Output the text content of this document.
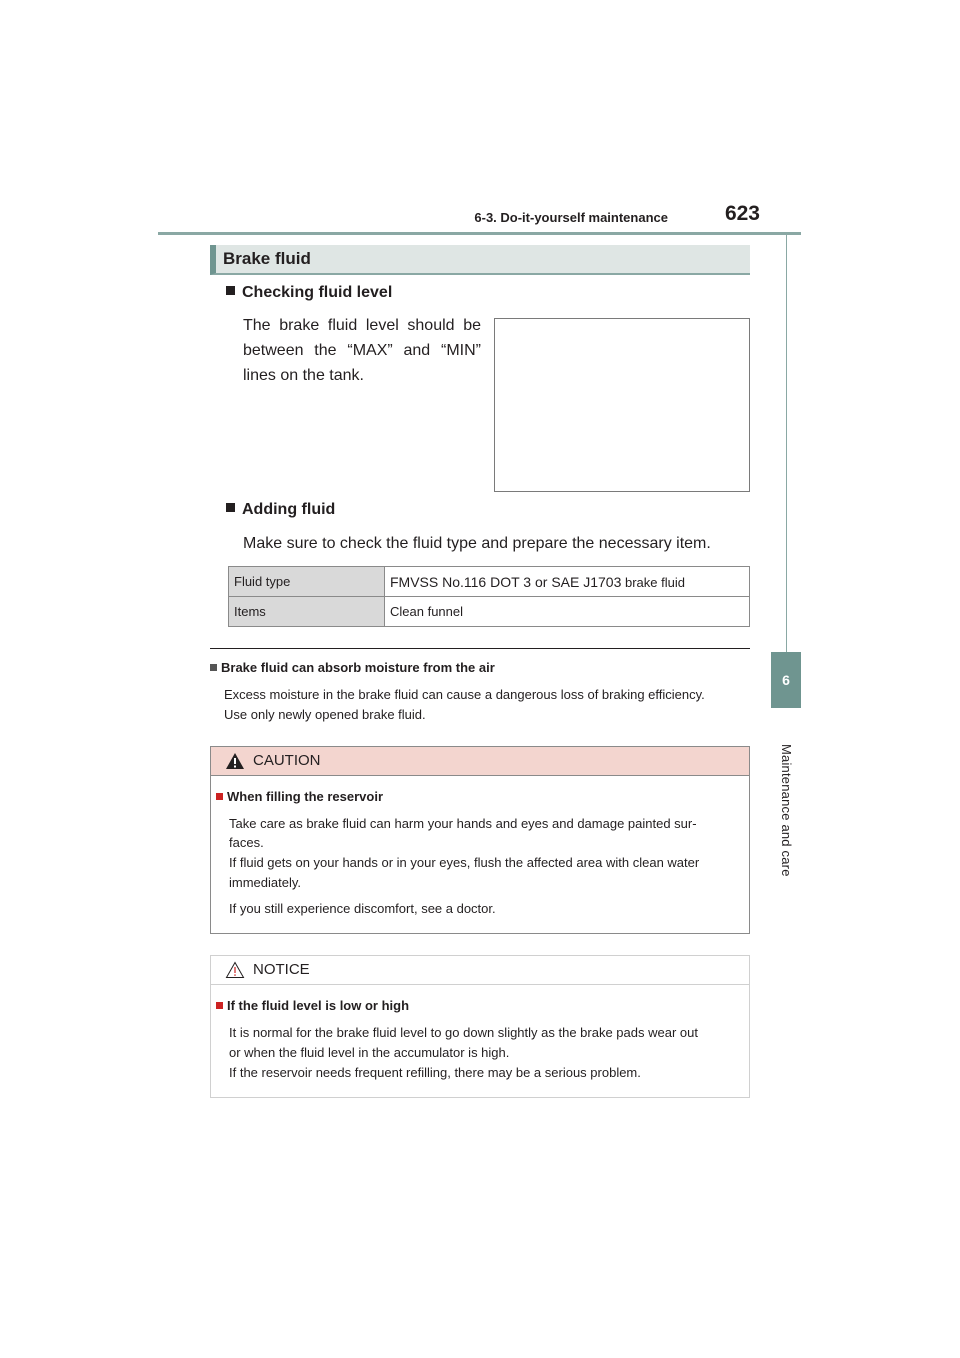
6-3. Do-it-yourself maintenance	623
6
Maintenance and care
Brake fluid
Checking fluid level
The brake fluid level should be
between the “MAX” and “MIN”
lines on the tank.
Adding fluid
Make sure to check the fluid type and prepare the necessary item.
Fluid type	FMVSS No.116 DOT 3 or SAE J1703 brake fluid
Items	Clean funnel
Brake fluid can absorb moisture from the air
Excess moisture in the brake fluid can cause a dangerous loss of braking efficiency.
Use only newly opened brake fluid.
CAUTION
When filling the reservoir
Take care as brake fluid can harm your hands and eyes and damage painted sur-
faces.
If fluid gets on your hands or in your eyes, flush the affected area with clean water
immediately.
If you still experience discomfort, see a doctor.
NOTICE
If the fluid level is low or high
It is normal for the brake fluid level to go down slightly as the brake pads wear out
or when the fluid level in the accumulator is high.
If the reservoir needs frequent refilling, there may be a serious problem.
